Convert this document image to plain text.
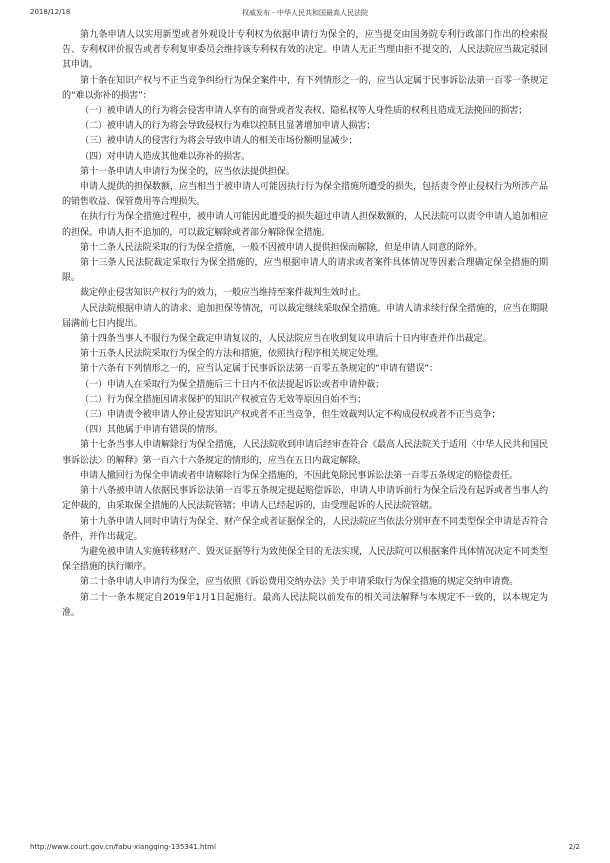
2018/12/18	权威发布 - 中华人民共和国最高人民法院

第九条申请人以实用新型或者外观设计专利权为依据申请行为保全的，应当提交由国务院专利行政部门作出的检索报告、专利权评价报告或者专利复审委员会维持该专利权有效的决定。申请人无正当理由拒不提交的，人民法院应当裁定驳回其申请。

第十条在知识产权与不正当竞争纠纷行为保全案件中，有下列情形之一的，应当认定属于民事诉讼法第一百零一条规定的“难以弥补的损害”：

（一）被申请人的行为将会侵害申请人享有的商誉或者发表权、隐私权等人身性质的权利且造成无法挽回的损害；

（二）被申请人的行为将会导致侵权行为难以控制且显著增加申请人损害；

（三）被申请人的侵害行为将会导致申请人的相关市场份额明显减少；

（四）对申请人造成其他难以弥补的损害。

第十一条申请人申请行为保全的，应当依法提供担保。

申请人提供的担保数额，应当相当于被申请人可能因执行行为保全措施所遭受的损失，包括责令停止侵权行为所涉产品的销售收益、保管费用等合理损失。

在执行行为保全措施过程中，被申请人可能因此遭受的损失超过申请人担保数额的，人民法院可以责令申请人追加相应的担保。申请人拒不追加的，可以裁定解除或者部分解除保全措施。

第十二条人民法院采取的行为保全措施，一般不因被申请人提供担保而解除，但是申请人同意的除外。

第十三条人民法院裁定采取行为保全措施的，应当根据申请人的请求或者案件具体情况等因素合理确定保全措施的期限。

裁定停止侵害知识产权行为的效力，一般应当维持至案件裁判生效时止。

人民法院根据申请人的请求、追加担保等情况，可以裁定继续采取保全措施。申请人请求续行保全措施的，应当在期限届满前七日内提出。

第十四条当事人不服行为保全裁定申请复议的，人民法院应当在收到复议申请后十日内审查并作出裁定。

第十五条人民法院采取行为保全的方法和措施，依照执行程序相关规定处理。

第十六条有下列情形之一的，应当认定属于民事诉讼法第一百零五条规定的“申请有错误”：

（一）申请人在采取行为保全措施后三十日内不依法提起诉讼或者申请仲裁；

（二）行为保全措施因请求保护的知识产权被宣告无效等原因自始不当；

（三）申请责令被申请人停止侵害知识产权或者不正当竞争，但生效裁判认定不构成侵权或者不正当竞争；

（四）其他属于申请有错误的情形。

第十七条当事人申请解除行为保全措施，人民法院收到申请后经审查符合《最高人民法院关于适用〈中华人民共和国民事诉讼法〉的解释》第一百六十六条规定的情形的，应当在五日内裁定解除。

申请人撤回行为保全申请或者申请解除行为保全措施的，不因此免除民事诉讼法第一百零五条规定的赔偿责任。

第十八条被申请人依据民事诉讼法第一百零五条规定提起赔偿诉讼，申请人申请诉前行为保全后没有起诉或者当事人约定仲裁的，由采取保全措施的人民法院管辖；申请人已经起诉的，由受理起诉的人民法院管辖。

第十九条申请人同时申请行为保全、财产保全或者证据保全的，人民法院应当依法分别审查不同类型保全申请是否符合条件，并作出裁定。

为避免被申请人实施转移财产、毁灭证据等行为致使保全目的无法实现，人民法院可以根据案件具体情况决定不同类型保全措施的执行顺序。

第二十条申请人申请行为保全，应当依照《诉讼费用交纳办法》关于申请采取行为保全措施的规定交纳申请费。

第二十一条本规定自2019年1月1日起施行。最高人民法院以前发布的相关司法解释与本规定不一致的，以本规定为准。

http://www.court.gov.cn/fabu-xiangqing-135341.html	2/2
